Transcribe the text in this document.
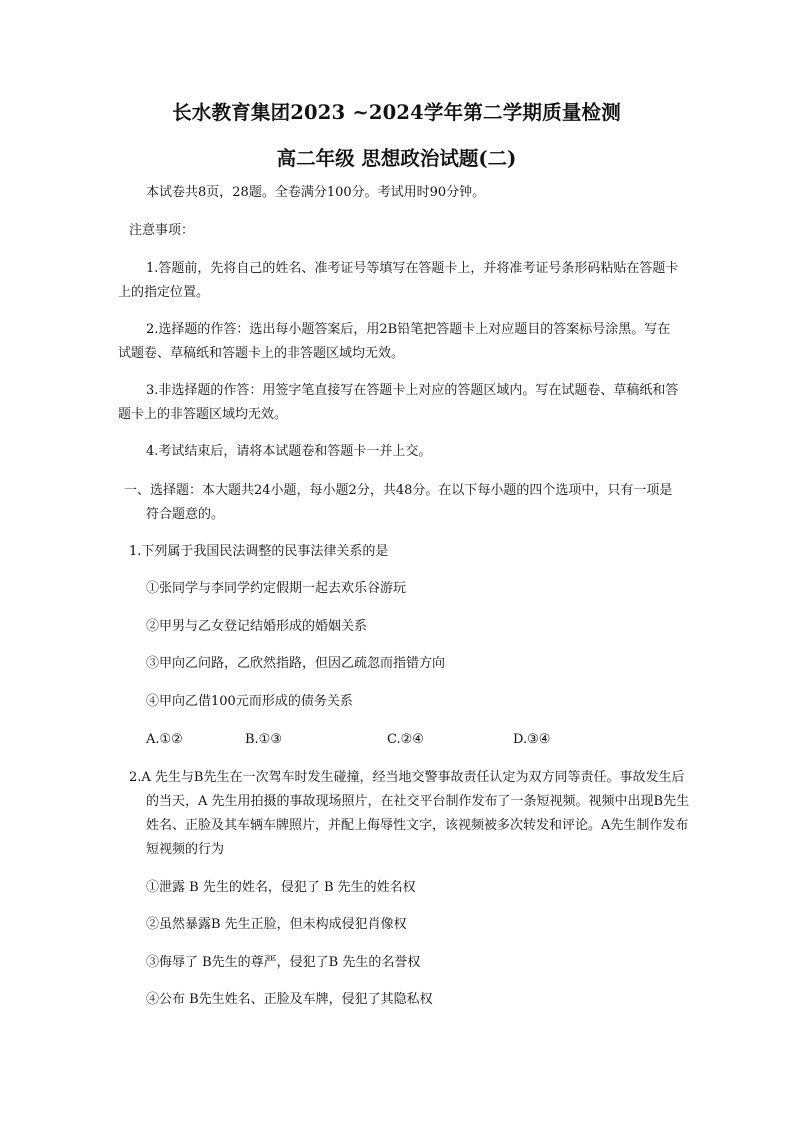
长水教育集团2023 ~2024学年第二学期质量检测
高二年级 思想政治试题(二)
本试卷共8页，28题。全卷满分100分。考试用时90分钟。
注意事项：
1.答题前，先将自己的姓名、准考证号等填写在答题卡上，并将准考证号条形码粘贴在答题卡
上的指定位置。
2.选择题的作答：选出每小题答案后，用2B铅笔把答题卡上对应题目的答案标号涂黑。写在
试题卷、草稿纸和答题卡上的非答题区域均无效。
3.非选择题的作答：用签字笔直接写在答题卡上对应的答题区域内。写在试题卷、草稿纸和答
题卡上的非答题区域均无效。
4.考试结束后，请将本试题卷和答题卡一并上交。
一、选择题：本大题共24小题，每小题2分，共48分。在以下每小题的四个选项中，只有一项是
符合题意的。
1.下列属于我国民法调整的民事法律关系的是
①张同学与李同学约定假期一起去欢乐谷游玩
②甲男与乙女登记结婚形成的婚姻关系
③甲向乙问路，乙欣然指路，但因乙疏忽而指错方向
④甲向乙借100元而形成的债务关系
A.①②	B.①③	C.②④	D.③④
2.A 先生与B先生在一次驾车时发生碰撞，经当地交警事故责任认定为双方同等责任。事故发生后
的当天，A 先生用拍摄的事故现场照片，在社交平台制作发布了一条短视频。视频中出现B先生
姓名、正脸及其车辆车牌照片，并配上侮辱性文字，该视频被多次转发和评论。A先生制作发布
短视频的行为
①泄露 B 先生的姓名，侵犯了 B 先生的姓名权
②虽然暴露B 先生正脸，但未构成侵犯肖像权
③侮辱了 B先生的尊严，侵犯了B 先生的名誉权
④公布 B先生姓名、正脸及车牌，侵犯了其隐私权
